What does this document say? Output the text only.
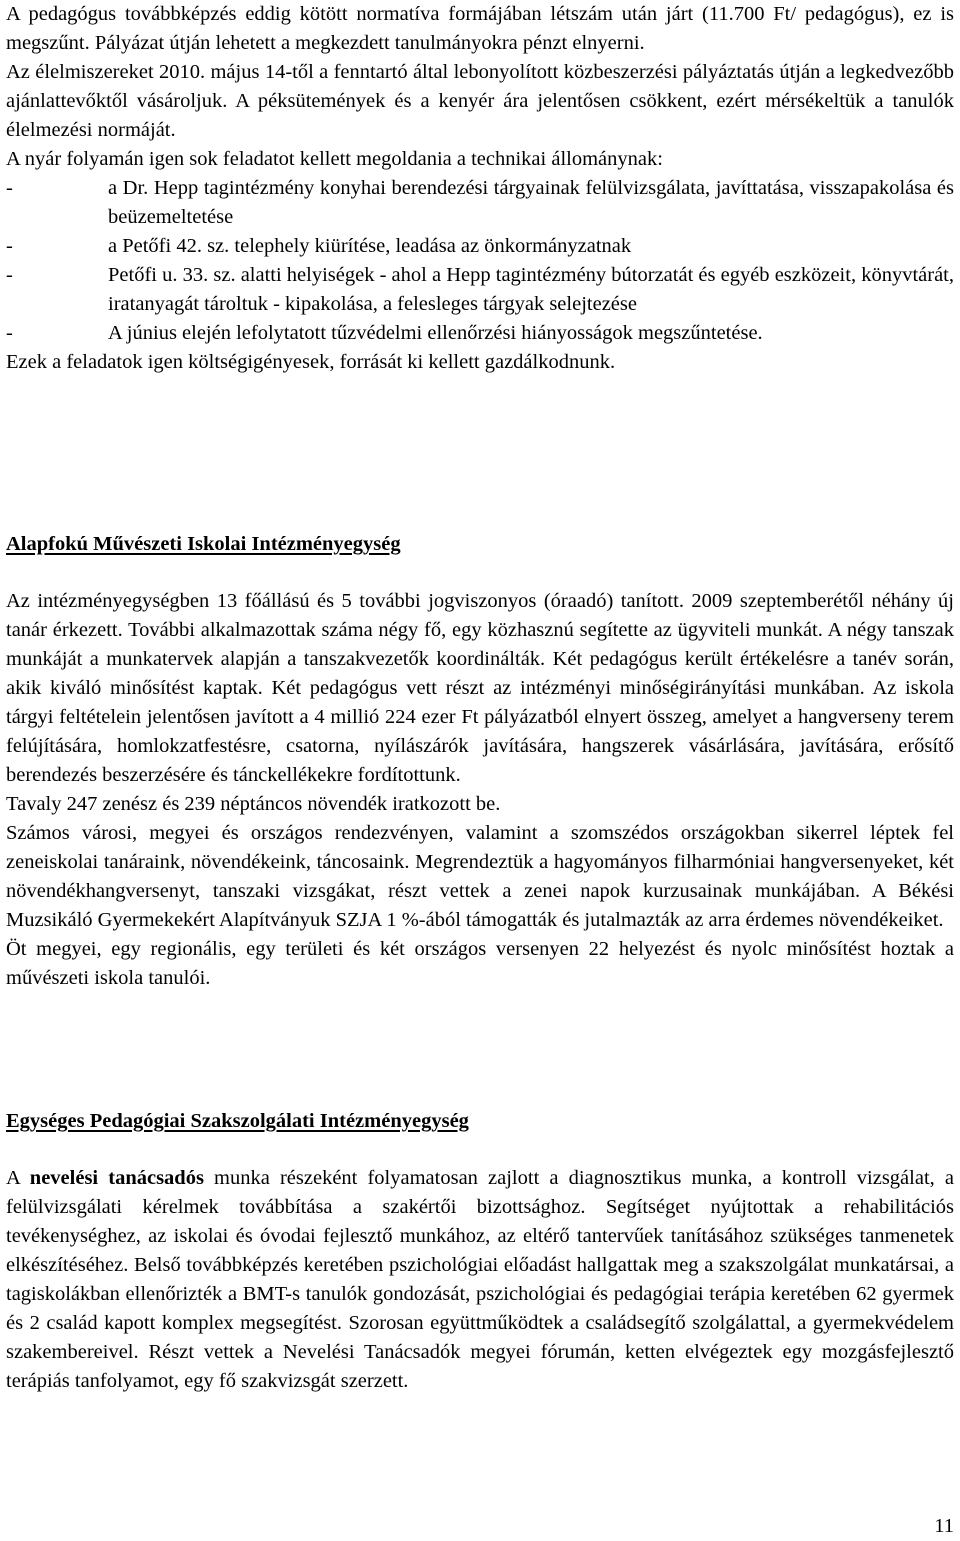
A pedagógus továbbképzés eddig kötött normatíva formájában létszám után járt (11.700 Ft/ pedagógus), ez is megszűnt. Pályázat útján lehetett a megkezdett tanulmányokra pénzt elnyerni.

Az élelmiszereket 2010. május 14-től a fenntartó által lebonyolított közbeszerzési pályáztatás útján a legkedvezőbb ajánlattevőktől vásároljuk. A péksütemények és a kenyér ára jelentősen csökkent, ezért mérsékeltük a tanulók élelmezési normáját.

A nyár folyamán igen sok feladatot kellett megoldania a technikai állománynak:

-	a Dr. Hepp tagintézmény konyhai berendezési tárgyainak felülvizsgálata, javíttatása, visszapakolása és beüzemeltetése
-	a Petőfi 42. sz. telephely kiürítése, leadása az önkormányzatnak
-	Petőfi u. 33. sz. alatti helyiségek - ahol a Hepp tagintézmény bútorzatát és egyéb eszközeit, könyvtárát, iratanyagát tároltuk - kipakolása, a felesleges tárgyak selejtezése
-	A június elején lefolytatott tűzvédelmi ellenőrzési hiányosságok megszűntetése.

Ezek a feladatok igen költségigényesek, forrását ki kellett gazdálkodnunk.

Alapfokú Művészeti Iskolai Intézményegység

Az intézményegységben 13 főállású és 5 további jogviszonyos (óraadó) tanított. 2009 szeptemberétől néhány új tanár érkezett. További alkalmazottak száma négy fő, egy közhasznú segítette az ügyviteli munkát. A négy tanszak munkáját a munkatervek alapján a tanszakvezetők koordinálták. Két pedagógus került értékelésre a tanév során, akik kiváló minősítést kaptak. Két pedagógus vett részt az intézményi minőségirányítási munkában. Az iskola tárgyi feltételein jelentősen javított a 4 millió 224 ezer Ft pályázatból elnyert összeg, amelyet a hangverseny terem felújítására, homlokzatfestésre, csatorna, nyílászárók javítására, hangszerek vásárlására, javítására, erősítő berendezés beszerzésére és tánckellékekre fordítottunk.

Tavaly 247 zenész és 239 néptáncos növendék iratkozott be.

Számos városi, megyei és országos rendezvényen, valamint a szomszédos országokban sikerrel léptek fel zeneiskolai tanáraink, növendékeink, táncosaink. Megrendeztük a hagyományos filharmóniai hangversenyeket, két növendékhangversenyt, tanszaki vizsgákat, részt vettek a zenei napok kurzusainak munkájában. A Békési Muzsikáló Gyermekekért Alapítványuk SZJA 1 %-ából támogatták és jutalmazták az arra érdemes növendékeiket.

Öt megyei, egy regionális, egy területi és két országos versenyen 22 helyezést és nyolc minősítést hoztak a művészeti iskola tanulói.

Egységes Pedagógiai Szakszolgálati Intézményegység

A nevelési tanácsadós munka részeként folyamatosan zajlott a diagnosztikus munka, a kontroll vizsgálat, a felülvizsgálati kérelmek továbbítása a szakértői bizottsághoz. Segítséget nyújtottak a rehabilitációs tevékenységhez, az iskolai és óvodai fejlesztő munkához, az eltérő tantervűek tanításához szükséges tanmenetek elkészítéséhez. Belső továbbképzés keretében pszichológiai előadást hallgattak meg a szakszolgálat munkatársai, a tagiskolákban ellenőrizték a BMT-s tanulók gondozását, pszichológiai és pedagógiai terápia keretében 62 gyermek és 2 család kapott komplex megsegítést. Szorosan együttműködtek a családsegítő szolgálattal, a gyermekvédelem szakembereivel. Részt vettek a Nevelési Tanácsadók megyei fórumán, ketten elvégeztek egy mozgásfejlesztő terápiás tanfolyamot, egy fő szakvizsgát szerzett.

11
